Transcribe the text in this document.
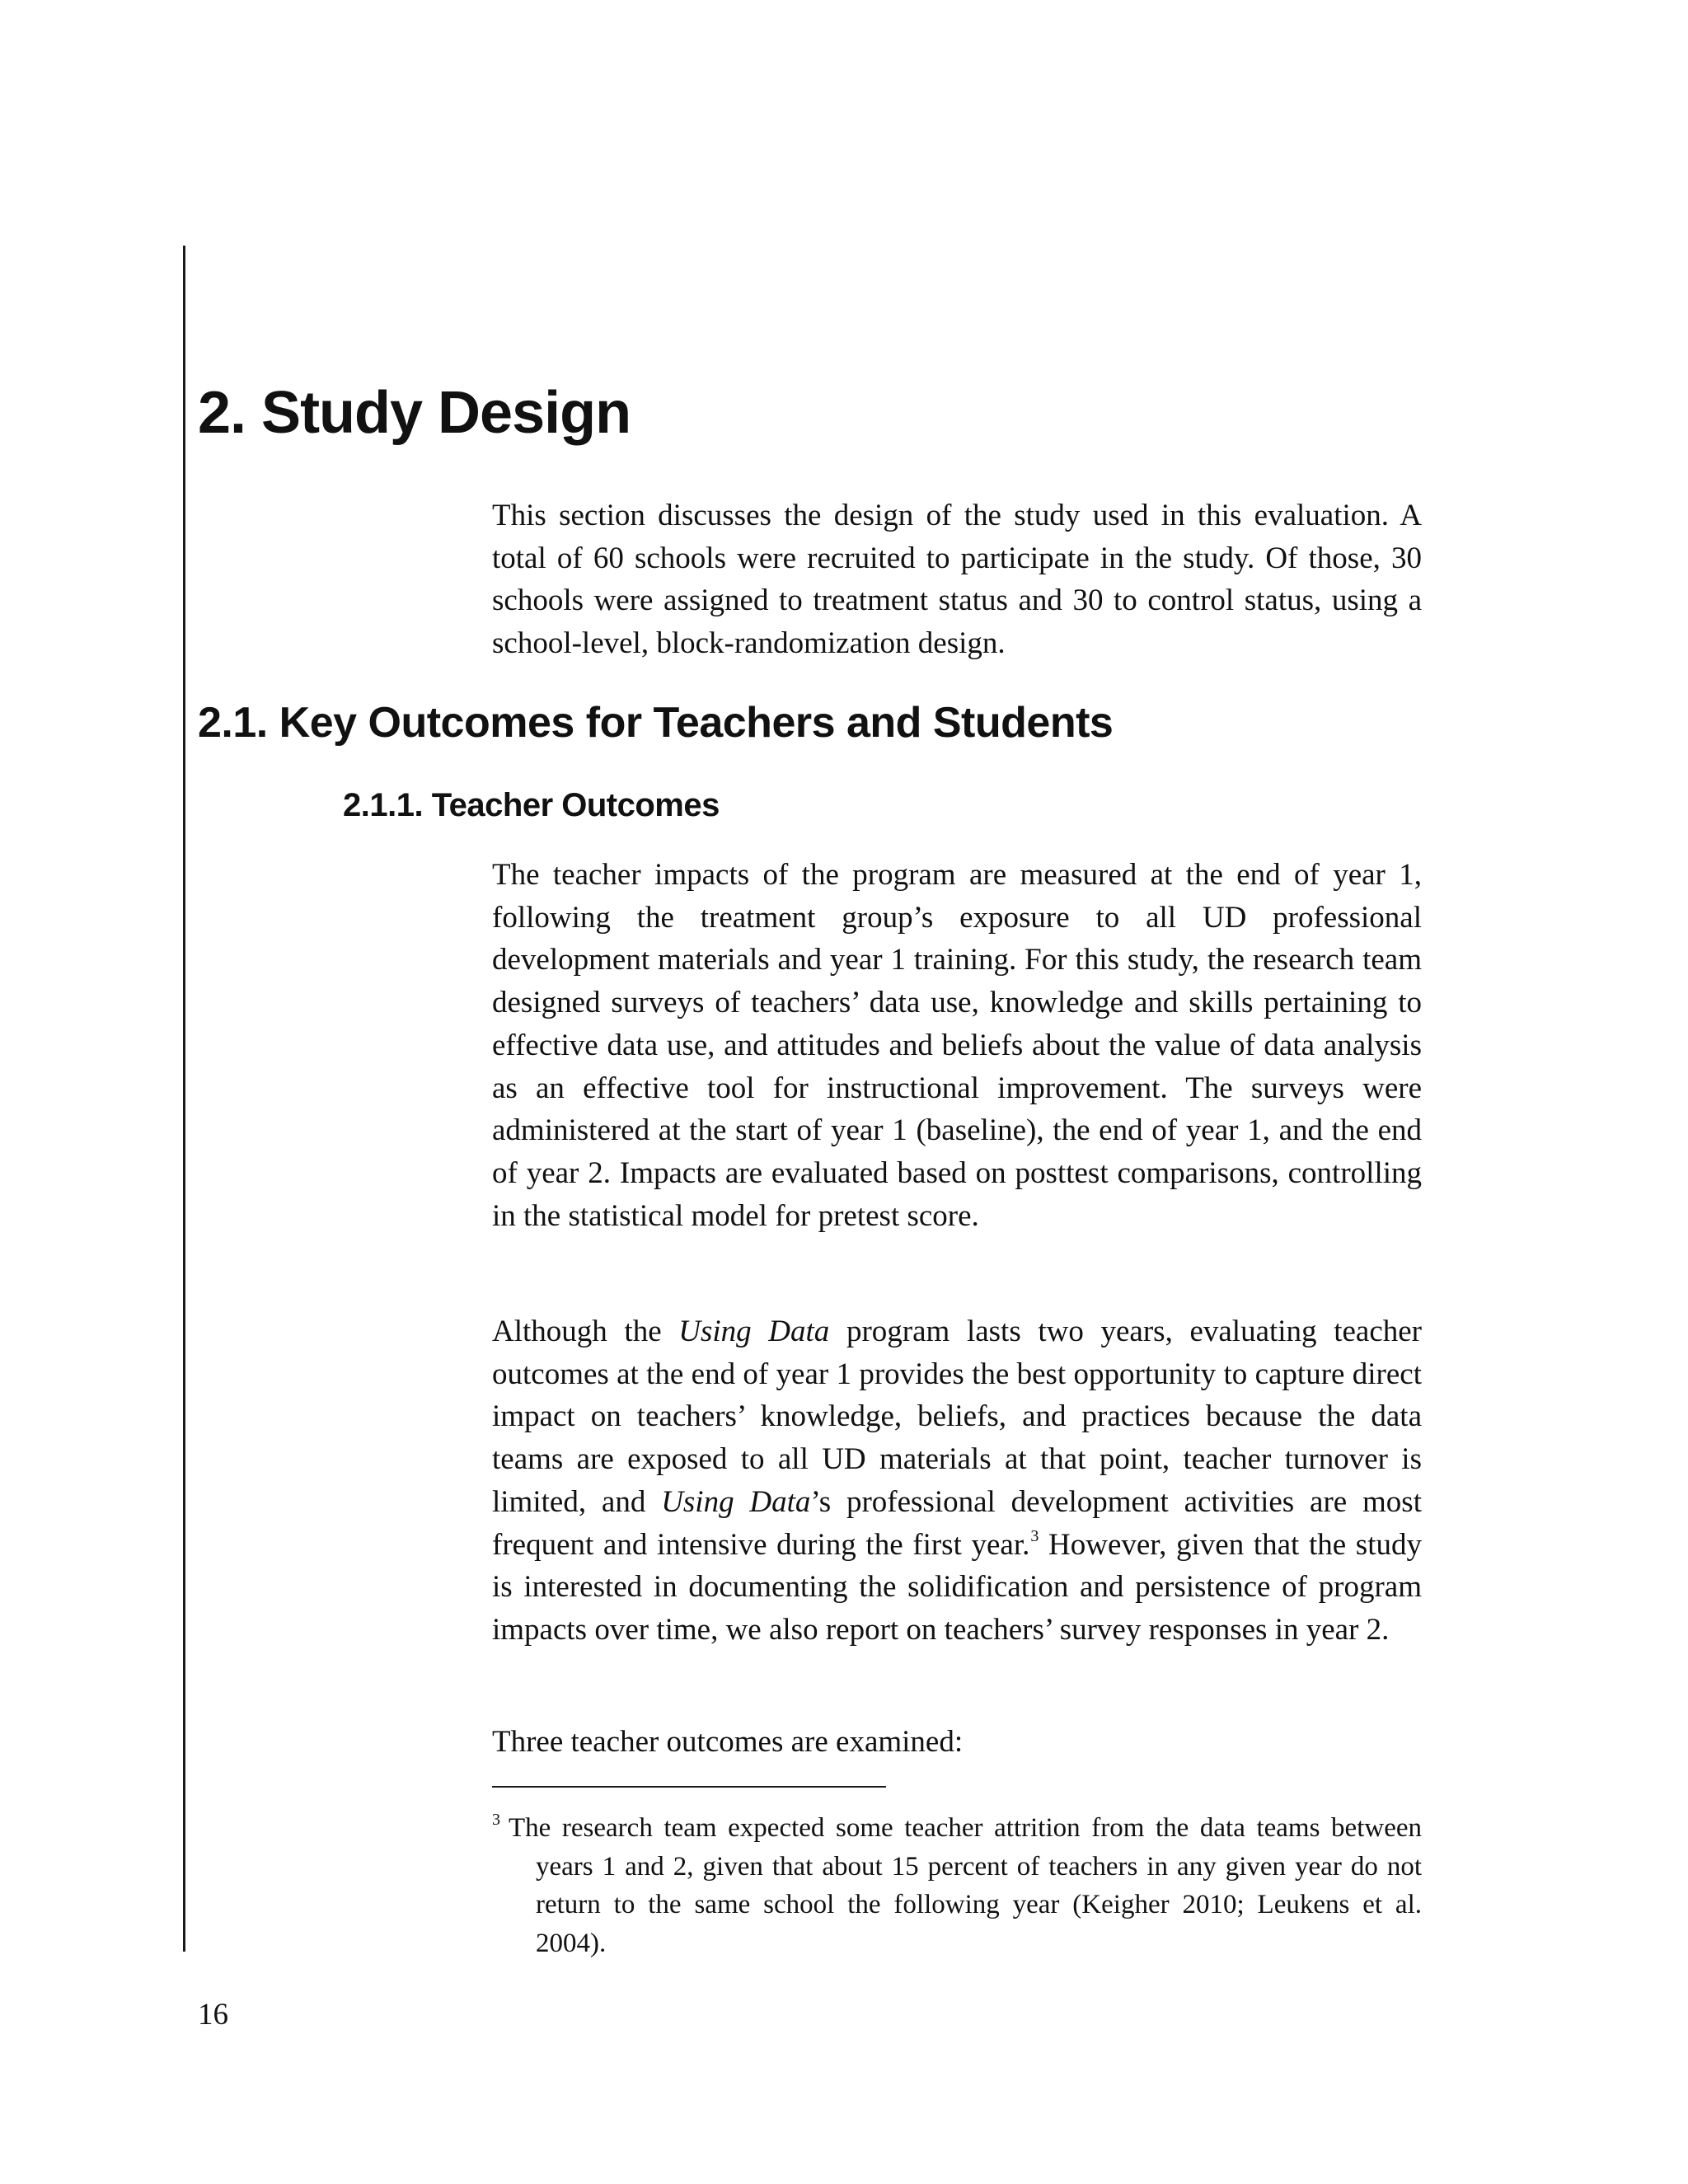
2. Study Design

This section discusses the design of the study used in this evaluation. A total of 60 schools were recruited to participate in the study. Of those, 30 schools were assigned to treatment status and 30 to control status, using a school-level, block-randomization design.

2.1. Key Outcomes for Teachers and Students
2.1.1. Teacher Outcomes

The teacher impacts of the program are measured at the end of year 1, following the treatment group’s exposure to all UD professional development materials and year 1 training. For this study, the research team designed surveys of teachers’ data use, knowledge and skills pertaining to effective data use, and attitudes and beliefs about the value of data analysis as an effective tool for instructional improvement. The surveys were administered at the start of year 1 (baseline), the end of year 1, and the end of year 2. Impacts are evaluated based on posttest comparisons, controlling in the statistical model for pretest score.

Although the Using Data program lasts two years, evaluating teacher outcomes at the end of year 1 provides the best opportunity to capture direct impact on teachers’ knowledge, beliefs, and practices because the data teams are exposed to all UD materials at that point, teacher turnover is limited, and Using Data’s professional development activities are most frequent and intensive during the first year.$^3$ However, given that the study is interested in documenting the solidification and persistence of program impacts over time, we also report on teachers’ survey responses in year 2.

Three teacher outcomes are examined:

3 The research team expected some teacher attrition from the data teams between years 1 and 2, given that about 15 percent of teachers in any given year do not return to the same school the following year (Keigher 2010; Leukens et al. 2004).

16
